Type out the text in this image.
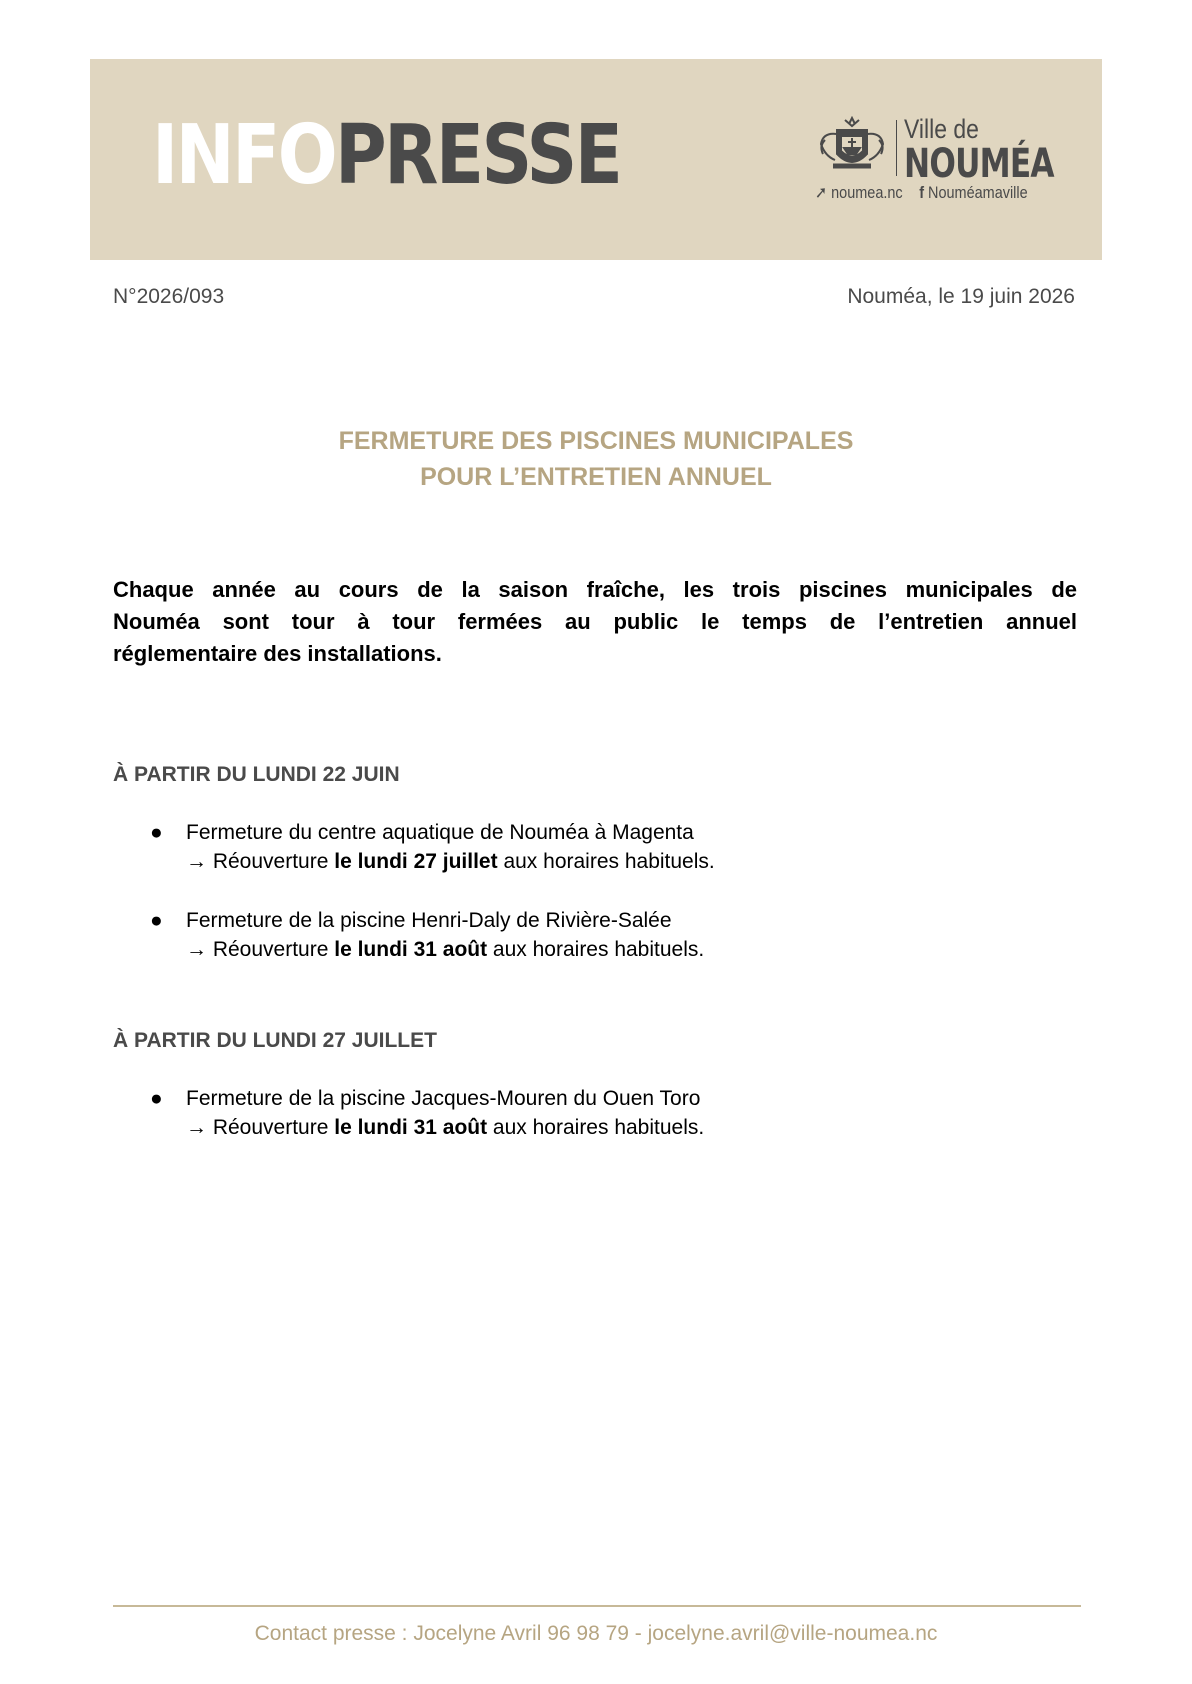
INFOPRESSE	Ville de
NOUMÉA
➚ noumea.nc f Nouméamaville
N°2026/093	Nouméa, le 19 juin 2026
FERMETURE DES PISCINES MUNICIPALES
POUR L’ENTRETIEN ANNUEL
Chaque année au cours de la saison fraîche, les trois piscines municipales de
Nouméa sont tour à tour fermées au public le temps de l’entretien annuel
réglementaire des installations.
À PARTIR DU LUNDI 22 JUIN
● Fermeture du centre aquatique de Nouméa à Magenta
→ Réouverture le lundi 27 juillet aux horaires habituels.
● Fermeture de la piscine Henri-Daly de Rivière-Salée
→ Réouverture le lundi 31 août aux horaires habituels.
À PARTIR DU LUNDI 27 JUILLET
● Fermeture de la piscine Jacques-Mouren du Ouen Toro
→ Réouverture le lundi 31 août aux horaires habituels.
Contact presse : Jocelyne Avril 96 98 79 - jocelyne.avril@ville-noumea.nc
